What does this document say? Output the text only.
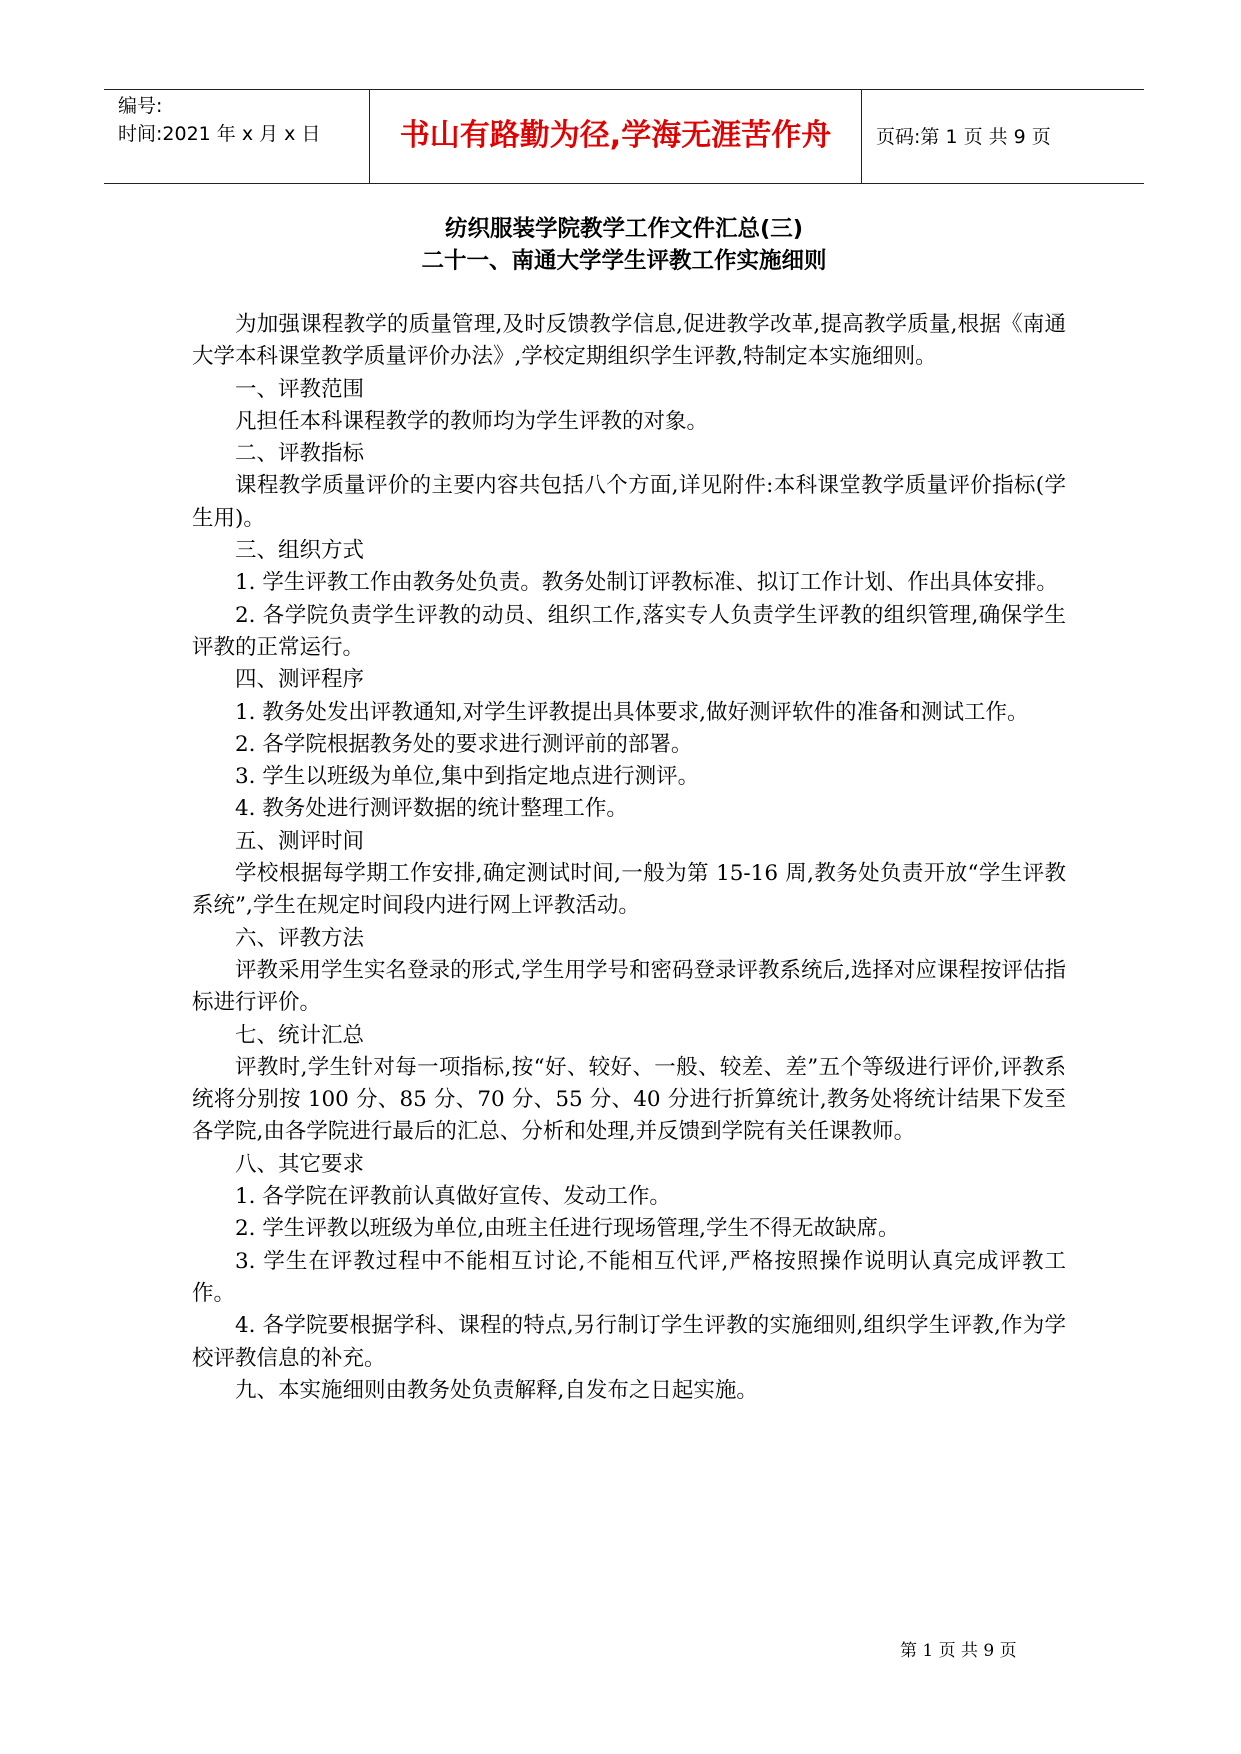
编号:
时间:2021 年 x 月 x 日	书山有路勤为径,学海无涯苦作舟	页码:第 1 页 共 9 页
纺织服装学院教学工作文件汇总(三)
二十一、南通大学学生评教工作实施细则

为加强课程教学的质量管理,及时反馈教学信息,促进教学改革,提高教学质量,根据《南通大学本科课堂教学质量评价办法》,学校定期组织学生评教,特制定本实施细则。

一、评教范围

凡担任本科课程教学的教师均为学生评教的对象。

二、评教指标

课程教学质量评价的主要内容共包括八个方面,详见附件:本科课堂教学质量评价指标(学生用)。

三、组织方式

1. 学生评教工作由教务处负责。教务处制订评教标准、拟订工作计划、作出具体安排。

2. 各学院负责学生评教的动员、组织工作,落实专人负责学生评教的组织管理,确保学生评教的正常运行。

四、测评程序

1. 教务处发出评教通知,对学生评教提出具体要求,做好测评软件的准备和测试工作。

2. 各学院根据教务处的要求进行测评前的部署。

3. 学生以班级为单位,集中到指定地点进行测评。

4. 教务处进行测评数据的统计整理工作。

五、测评时间

学校根据每学期工作安排,确定测试时间,一般为第 15-16 周,教务处负责开放“学生评教系统”,学生在规定时间段内进行网上评教活动。

六、评教方法

评教采用学生实名登录的形式,学生用学号和密码登录评教系统后,选择对应课程按评估指标进行评价。

七、统计汇总

评教时,学生针对每一项指标,按“好、较好、一般、较差、差”五个等级进行评价,评教系统将分别按 100 分、85 分、70 分、55 分、40 分进行折算统计,教务处将统计结果下发至各学院,由各学院进行最后的汇总、分析和处理,并反馈到学院有关任课教师。

八、其它要求

1. 各学院在评教前认真做好宣传、发动工作。

2. 学生评教以班级为单位,由班主任进行现场管理,学生不得无故缺席。

3. 学生在评教过程中不能相互讨论,不能相互代评,严格按照操作说明认真完成评教工作。

4. 各学院要根据学科、课程的特点,另行制订学生评教的实施细则,组织学生评教,作为学校评教信息的补充。

九、本实施细则由教务处负责解释,自发布之日起实施。

第 1 页 共 9 页
